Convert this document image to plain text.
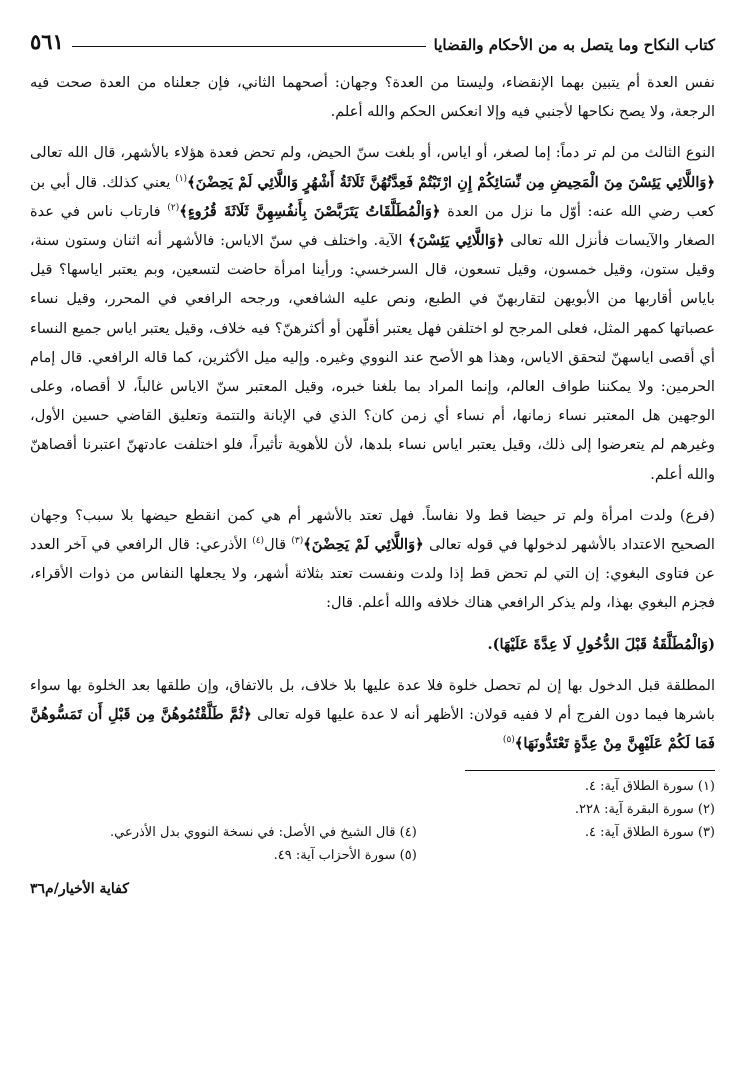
كتاب النكاح وما يتصل به من الأحكام والقضايا
٥٦١

نفس العدة أم يتبين بهما الإنقضاء، وليستا من العدة؟ وجهان: أصحهما الثاني، فإن جعلناه من العدة صحت فيه الرجعة، ولا يصح نكاحها لأجنبي فيه وإلا انعكس الحكم والله أعلم.

النوع الثالث من لم تر دماً: إما لصغر، أو اياس، أو بلغت سنّ الحيض، ولم تحض فعدة هؤلاء بالأشهر، قال الله تعالى ﴿وَاللَّائِي يَئِسْنَ مِنَ الْمَحِيضِ مِن نِّسَائِكُمْ إِنِ ارْتَبْتُمْ فَعِدَّتُهُنَّ ثَلَاثَةُ أَشْهُرٍ وَاللَّائِي لَمْ يَحِضْنَ﴾$^{(١)}$ يعني كذلك. قال أبي بن كعب رضي الله عنه: أوّل ما نزل من العدة ﴿وَالْمُطَلَّقَاتُ يَتَرَبَّصْنَ بِأَنفُسِهِنَّ ثَلَاثَةَ قُرُوءٍ﴾$^{(٢)}$ فارتاب ناس في عدة الصغار والآيسات فأنزل الله تعالى ﴿وَاللَّائِي يَئِسْنَ﴾ الآية. واختلف في سنّ الاياس: فالأشهر أنه اثنان وستون سنة، وقيل ستون، وقيل خمسون، وقيل تسعون، قال السرخسي: ورأينا امرأة حاضت لتسعين، وبم يعتبر اياسها؟ قيل باياس أقاربها من الأبويهن لتقاربهنّ في الطبع، ونص عليه الشافعي، ورجحه الرافعي في المحرر، وقيل نساء عصباتها كمهر المثل، فعلى المرجح لو اختلفن فهل يعتبر أقلّهن أو أكثرهنّ؟ فيه خلاف، وقيل يعتبر اياس جميع النساء أي أقصى اياسهنّ لتحقق الاياس، وهذا هو الأصح عند النووي وغيره. وإليه ميل الأكثرين، كما قاله الرافعي. قال إمام الحرمين: ولا يمكننا طواف العالم، وإنما المراد بما بلغنا خبره، وقيل المعتبر سنّ الاياس غالباً، لا أقصاه، وعلى الوجهين هل المعتبر نساء زمانها، أم نساء أي زمن كان؟ الذي في الإبانة والتتمة وتعليق القاضي حسين الأول، وغيرهم لم يتعرضوا إلى ذلك، وقيل يعتبر اياس نساء بلدها، لأن للأهوية تأثيراً، فلو اختلفت عادتهنّ اعتبرنا أقصاهنّ والله أعلم.

(فرع) ولدت امرأة ولم تر حيضا قط ولا نفاساً. فهل تعتد بالأشهر أم هي كمن انقطع حيضها بلا سبب؟ وجهان الصحيح الاعتداد بالأشهر لدخولها في قوله تعالى ﴿وَاللَّائِي لَمْ يَحِضْنَ﴾$^{(٣)}$ قال$^{(٤)}$ الأذرعي: قال الرافعي في آخر العدد عن فتاوى البغوي: إن التي لم تحض قط إذا ولدت ونفست تعتد بثلاثة أشهر، ولا يجعلها النفاس من ذوات الأقراء، فجزم البغوي بهذا، ولم يذكر الرافعي هناك خلافه والله أعلم. قال:

(وَالْمُطَلَّقَةُ قَبْلَ الدُّخُولِ لَا عِدَّةَ عَلَيْهَا).

المطلقة قبل الدخول بها إن لم تحصل خلوة فلا عدة عليها بلا خلاف، بل بالاتفاق، وإن طلقها بعد الخلوة بها سواء باشرها فيما دون الفرج أم لا ففيه قولان: الأظهر أنه لا عدة عليها قوله تعالى ﴿ثُمَّ طَلَّقْتُمُوهُنَّ مِن قَبْلِ أَن تَمَسُّوهُنَّ فَمَا لَكُمْ عَلَيْهِنَّ مِنْ عِدَّةٍ تَعْتَدُّونَهَا﴾$^{(٥)}$

(١) سورة الطلاق آية: ٤.
(٢) سورة البقرة آية: ٢٢٨.
(٣) سورة الطلاق آية: ٤.
(٤) قال الشيخ في الأصل: في نسخة النووي بدل الأذرعي.
(٥) سورة الأحزاب آية: ٤٩.
كفاية الأخيار/م٣٦
